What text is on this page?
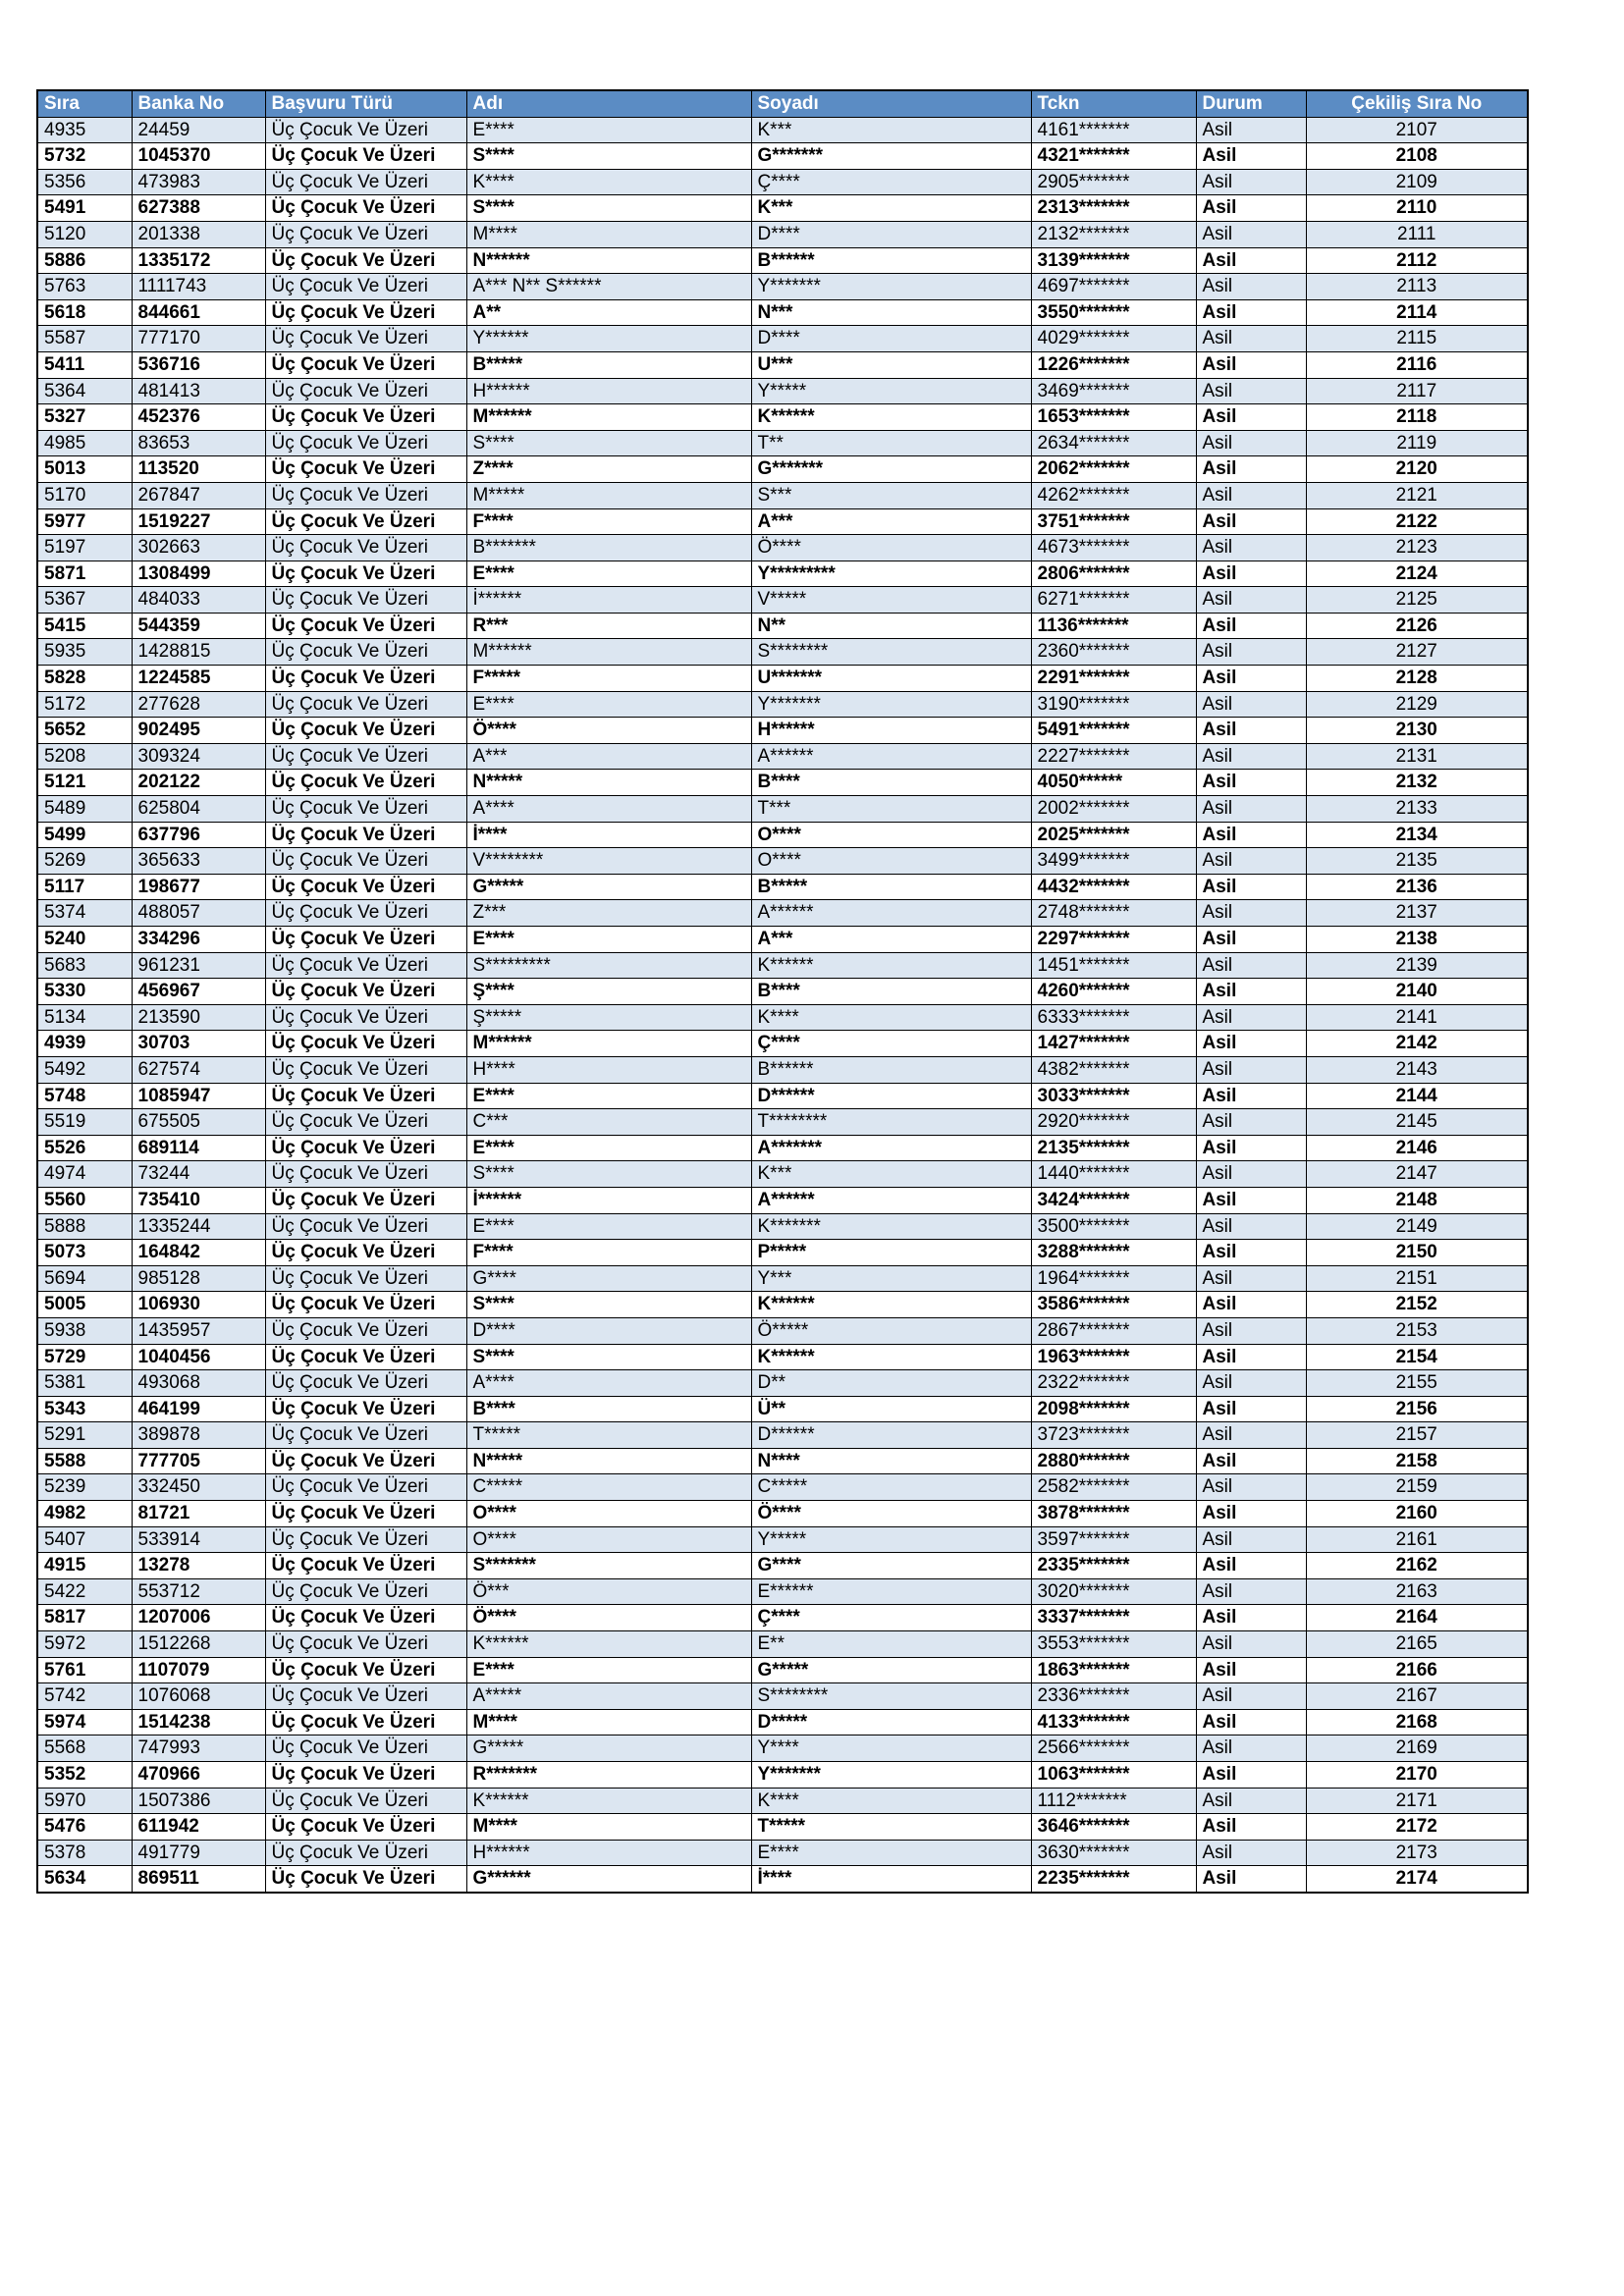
Sıra	Banka No	Başvuru Türü	Adı	Soyadı	Tckn	Durum	Çekiliş Sıra No
4935	24459	Üç Çocuk Ve Üzeri	E****	K***	4161*******	Asil	2107
5732	1045370	Üç Çocuk Ve Üzeri	S****	G*******	4321*******	Asil	2108
5356	473983	Üç Çocuk Ve Üzeri	K****	Ç****	2905*******	Asil	2109
5491	627388	Üç Çocuk Ve Üzeri	S****	K***	2313*******	Asil	2110
5120	201338	Üç Çocuk Ve Üzeri	M****	D****	2132*******	Asil	2111
5886	1335172	Üç Çocuk Ve Üzeri	N******	B******	3139*******	Asil	2112
5763	1111743	Üç Çocuk Ve Üzeri	A*** N** S******	Y*******	4697*******	Asil	2113
5618	844661	Üç Çocuk Ve Üzeri	A**	N***	3550*******	Asil	2114
5587	777170	Üç Çocuk Ve Üzeri	Y******	D****	4029*******	Asil	2115
5411	536716	Üç Çocuk Ve Üzeri	B*****	U***	1226*******	Asil	2116
5364	481413	Üç Çocuk Ve Üzeri	H******	Y*****	3469*******	Asil	2117
5327	452376	Üç Çocuk Ve Üzeri	M******	K******	1653*******	Asil	2118
4985	83653	Üç Çocuk Ve Üzeri	S****	T**	2634*******	Asil	2119
5013	113520	Üç Çocuk Ve Üzeri	Z****	G*******	2062*******	Asil	2120
5170	267847	Üç Çocuk Ve Üzeri	M*****	S***	4262*******	Asil	2121
5977	1519227	Üç Çocuk Ve Üzeri	F****	A***	3751*******	Asil	2122
5197	302663	Üç Çocuk Ve Üzeri	B*******	Ö****	4673*******	Asil	2123
5871	1308499	Üç Çocuk Ve Üzeri	E****	Y*********	2806*******	Asil	2124
5367	484033	Üç Çocuk Ve Üzeri	İ******	V*****	6271*******	Asil	2125
5415	544359	Üç Çocuk Ve Üzeri	R***	N**	1136*******	Asil	2126
5935	1428815	Üç Çocuk Ve Üzeri	M******	S********	2360*******	Asil	2127
5828	1224585	Üç Çocuk Ve Üzeri	F*****	U*******	2291*******	Asil	2128
5172	277628	Üç Çocuk Ve Üzeri	E****	Y*******	3190*******	Asil	2129
5652	902495	Üç Çocuk Ve Üzeri	Ö****	H******	5491*******	Asil	2130
5208	309324	Üç Çocuk Ve Üzeri	A***	A******	2227*******	Asil	2131
5121	202122	Üç Çocuk Ve Üzeri	N*****	B****	4050******	Asil	2132
5489	625804	Üç Çocuk Ve Üzeri	A****	T***	2002*******	Asil	2133
5499	637796	Üç Çocuk Ve Üzeri	İ****	O****	2025*******	Asil	2134
5269	365633	Üç Çocuk Ve Üzeri	V********	O****	3499*******	Asil	2135
5117	198677	Üç Çocuk Ve Üzeri	G*****	B*****	4432*******	Asil	2136
5374	488057	Üç Çocuk Ve Üzeri	Z***	A******	2748*******	Asil	2137
5240	334296	Üç Çocuk Ve Üzeri	E****	A***	2297*******	Asil	2138
5683	961231	Üç Çocuk Ve Üzeri	S*********	K******	1451*******	Asil	2139
5330	456967	Üç Çocuk Ve Üzeri	Ş****	B****	4260*******	Asil	2140
5134	213590	Üç Çocuk Ve Üzeri	Ş*****	K****	6333*******	Asil	2141
4939	30703	Üç Çocuk Ve Üzeri	M******	Ç****	1427*******	Asil	2142
5492	627574	Üç Çocuk Ve Üzeri	H****	B******	4382*******	Asil	2143
5748	1085947	Üç Çocuk Ve Üzeri	E****	D******	3033*******	Asil	2144
5519	675505	Üç Çocuk Ve Üzeri	C***	T********	2920*******	Asil	2145
5526	689114	Üç Çocuk Ve Üzeri	E****	A*******	2135*******	Asil	2146
4974	73244	Üç Çocuk Ve Üzeri	S****	K***	1440*******	Asil	2147
5560	735410	Üç Çocuk Ve Üzeri	İ******	A******	3424*******	Asil	2148
5888	1335244	Üç Çocuk Ve Üzeri	E****	K*******	3500*******	Asil	2149
5073	164842	Üç Çocuk Ve Üzeri	F****	P*****	3288*******	Asil	2150
5694	985128	Üç Çocuk Ve Üzeri	G****	Y***	1964*******	Asil	2151
5005	106930	Üç Çocuk Ve Üzeri	S****	K******	3586*******	Asil	2152
5938	1435957	Üç Çocuk Ve Üzeri	D****	Ö*****	2867*******	Asil	2153
5729	1040456	Üç Çocuk Ve Üzeri	S****	K******	1963*******	Asil	2154
5381	493068	Üç Çocuk Ve Üzeri	A****	D**	2322*******	Asil	2155
5343	464199	Üç Çocuk Ve Üzeri	B****	Ü**	2098*******	Asil	2156
5291	389878	Üç Çocuk Ve Üzeri	T*****	D******	3723*******	Asil	2157
5588	777705	Üç Çocuk Ve Üzeri	N*****	N****	2880*******	Asil	2158
5239	332450	Üç Çocuk Ve Üzeri	C*****	C*****	2582*******	Asil	2159
4982	81721	Üç Çocuk Ve Üzeri	O****	Ö****	3878*******	Asil	2160
5407	533914	Üç Çocuk Ve Üzeri	O****	Y*****	3597*******	Asil	2161
4915	13278	Üç Çocuk Ve Üzeri	S*******	G****	2335*******	Asil	2162
5422	553712	Üç Çocuk Ve Üzeri	Ö***	E******	3020*******	Asil	2163
5817	1207006	Üç Çocuk Ve Üzeri	Ö****	Ç****	3337*******	Asil	2164
5972	1512268	Üç Çocuk Ve Üzeri	K******	E**	3553*******	Asil	2165
5761	1107079	Üç Çocuk Ve Üzeri	E****	G*****	1863*******	Asil	2166
5742	1076068	Üç Çocuk Ve Üzeri	A*****	S********	2336*******	Asil	2167
5974	1514238	Üç Çocuk Ve Üzeri	M****	D*****	4133*******	Asil	2168
5568	747993	Üç Çocuk Ve Üzeri	G*****	Y****	2566*******	Asil	2169
5352	470966	Üç Çocuk Ve Üzeri	R*******	Y*******	1063*******	Asil	2170
5970	1507386	Üç Çocuk Ve Üzeri	K******	K****	1112*******	Asil	2171
5476	611942	Üç Çocuk Ve Üzeri	M****	T*****	3646*******	Asil	2172
5378	491779	Üç Çocuk Ve Üzeri	H******	E****	3630*******	Asil	2173
5634	869511	Üç Çocuk Ve Üzeri	G******	İ****	2235*******	Asil	2174
